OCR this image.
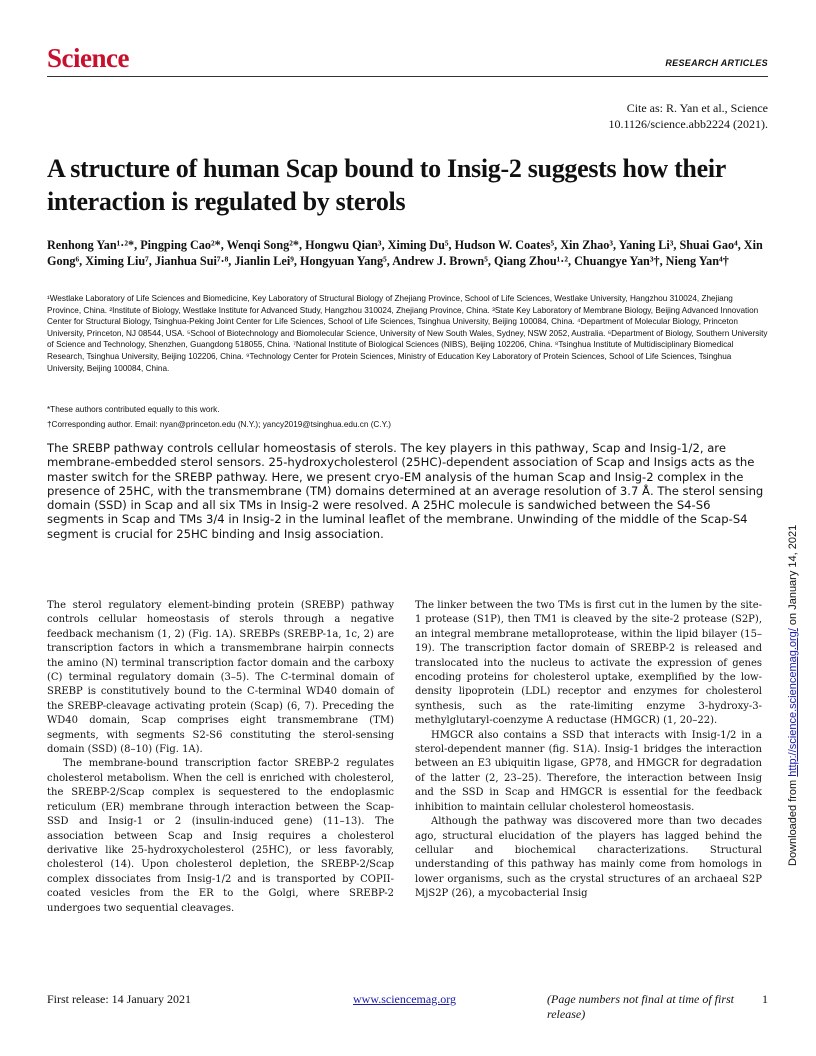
Science	RESEARCH ARTICLES
Cite as: R. Yan et al., Science
10.1126/science.abb2224 (2021).
A structure of human Scap bound to Insig-2 suggests how their interaction is regulated by sterols
Renhong Yan¹·²*, Pingping Cao²*, Wenqi Song²*, Hongwu Qian³, Ximing Du⁵, Hudson W. Coates⁵, Xin Zhao³, Yaning Li³, Shuai Gao⁴, Xin Gong⁶, Ximing Liu⁷, Jianhua Sui⁷·⁸, Jianlin Lei⁹, Hongyuan Yang⁵, Andrew J. Brown⁵, Qiang Zhou¹·², Chuangye Yan³†, Nieng Yan⁴†
¹Westlake Laboratory of Life Sciences and Biomedicine, Key Laboratory of Structural Biology of Zhejiang Province, School of Life Sciences, Westlake University, Hangzhou 310024, Zhejiang Province, China. ²Institute of Biology, Westlake Institute for Advanced Study, Hangzhou 310024, Zhejiang Province, China. ³State Key Laboratory of Membrane Biology, Beijing Advanced Innovation Center for Structural Biology, Tsinghua-Peking Joint Center for Life Sciences, School of Life Sciences, Tsinghua University, Beijing 100084, China. ⁴Department of Molecular Biology, Princeton University, Princeton, NJ 08544, USA. ⁵School of Biotechnology and Biomolecular Science, University of New South Wales, Sydney, NSW 2052, Australia. ⁶Department of Biology, Southern University of Science and Technology, Shenzhen, Guangdong 518055, China. ⁷National Institute of Biological Sciences (NIBS), Beijing 102206, China. ⁸Tsinghua Institute of Multidisciplinary Biomedical Research, Tsinghua University, Beijing 102206, China. ⁹Technology Center for Protein Sciences, Ministry of Education Key Laboratory of Protein Sciences, School of Life Sciences, Tsinghua University, Beijing 100084, China.

*These authors contributed equally to this work.

†Corresponding author. Email: nyan@princeton.edu (N.Y.); yancy2019@tsinghua.edu.cn (C.Y.)

The SREBP pathway controls cellular homeostasis of sterols. The key players in this pathway, Scap and Insig-1/2, are membrane-embedded sterol sensors. 25-hydroxycholesterol (25HC)-dependent association of Scap and Insigs acts as the master switch for the SREBP pathway. Here, we present cryo-EM analysis of the human Scap and Insig-2 complex in the presence of 25HC, with the transmembrane (TM) domains determined at an average resolution of 3.7 Å. The sterol sensing domain (SSD) in Scap and all six TMs in Insig-2 were resolved. A 25HC molecule is sandwiched between the S4-S6 segments in Scap and TMs 3/4 in Insig-2 in the luminal leaflet of the membrane. Unwinding of the middle of the Scap-S4 segment is crucial for 25HC binding and Insig association.

The sterol regulatory element-binding protein (SREBP) pathway controls cellular homeostasis of sterols through a negative feedback mechanism (1, 2) (Fig. 1A). SREBPs (SREBP-1a, 1c, 2) are transcription factors in which a transmembrane hairpin connects the amino (N) terminal transcription factor domain and the carboxy (C) terminal regulatory domain (3–5). The C-terminal domain of SREBP is constitutively bound to the C-terminal WD40 domain of the SREBP-cleavage activating protein (Scap) (6, 7). Preceding the WD40 domain, Scap comprises eight transmembrane (TM) segments, with segments S2-S6 constituting the sterol-sensing domain (SSD) (8–10) (Fig. 1A).

The membrane-bound transcription factor SREBP-2 regulates cholesterol metabolism. When the cell is enriched with cholesterol, the SREBP-2/Scap complex is sequestered to the endoplasmic reticulum (ER) membrane through interaction between the Scap-SSD and Insig-1 or 2 (insulin-induced gene) (11–13). The association between Scap and Insig requires a cholesterol derivative like 25-hydroxycholesterol (25HC), or less favorably, cholesterol (14). Upon cholesterol depletion, the SREBP-2/Scap complex dissociates from Insig-1/2 and is transported by COPII-coated vesicles from the ER to the Golgi, where SREBP-2 undergoes two sequential cleavages.

The linker between the two TMs is first cut in the lumen by the site-1 protease (S1P), then TM1 is cleaved by the site-2 protease (S2P), an integral membrane metalloprotease, within the lipid bilayer (15–19). The transcription factor domain of SREBP-2 is released and translocated into the nucleus to activate the expression of genes encoding proteins for cholesterol uptake, exemplified by the low-density lipoprotein (LDL) receptor and enzymes for cholesterol synthesis, such as the rate-limiting enzyme 3-hydroxy-3-methylglutaryl-coenzyme A reductase (HMGCR) (1, 20–22).

HMGCR also contains a SSD that interacts with Insig-1/2 in a sterol-dependent manner (fig. S1A). Insig-1 bridges the interaction between an E3 ubiquitin ligase, GP78, and HMGCR for degradation of the latter (2, 23–25). Therefore, the interaction between Insig and the SSD in Scap and HMGCR is essential for the feedback inhibition to maintain cellular cholesterol homeostasis.

Although the pathway was discovered more than two decades ago, structural elucidation of the players has lagged behind the cellular and biochemical characterizations. Structural understanding of this pathway has mainly come from homologs in lower organisms, such as the crystal structures of an archaeal S2P MjS2P (26), a mycobacterial Insig

First release: 14 January 2021	www.sciencemag.org	(Page numbers not final at time of first release)
1
Downloaded from http://science.sciencemag.org/ on January 14, 2021
